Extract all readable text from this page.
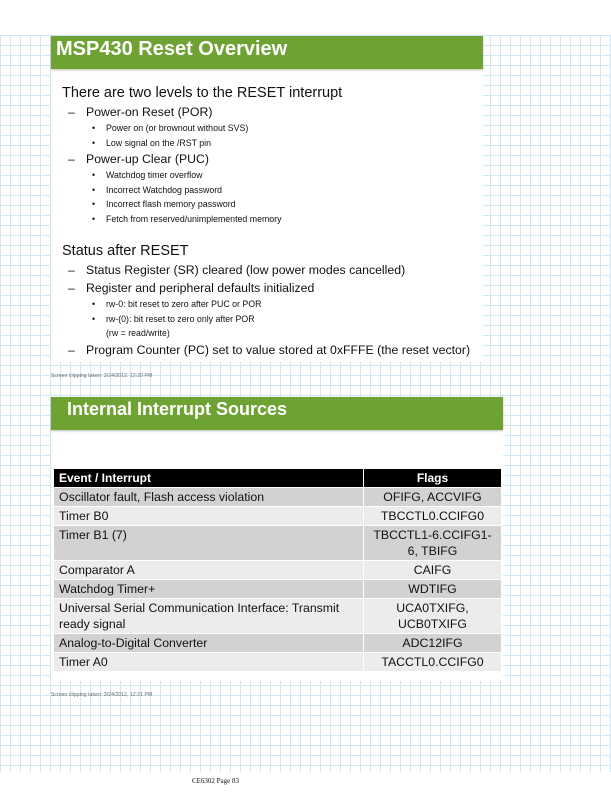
MSP430 Reset Overview
There are two levels to the RESET interrupt
– Power-on Reset (POR)
• Power on (or brownout without SVS)
• Low signal on the /RST pin
– Power-up Clear (PUC)
• Watchdog timer overflow
• Incorrect Watchdog password
• Incorrect flash memory password
• Fetch from reserved/unimplemented memory
Status after RESET
– Status Register (SR) cleared (low power modes cancelled)
– Register and peripheral defaults initialized
• rw-0: bit reset to zero after PUC or POR
• rw-(0): bit reset to zero only after POR
(rw = read/write)
– Program Counter (PC) set to value stored at 0xFFFE (the reset vector)
Screen clipping taken: 3/24/2012, 12:20 PM
Internal Interrupt Sources
Event / Interrupt	Flags
Oscillator fault, Flash access violation	OFIFG, ACCVIFG
Timer B0	TBCCTL0.CCIFG0
Timer B1 (7)	TBCCTL1-6.CCIFG1-6, TBIFG
Comparator A	CAIFG
Watchdog Timer+	WDTIFG
Universal Serial Communication Interface: Transmit ready signal	UCA0TXIFG, UCB0TXIFG
Analog-to-Digital Converter	ADC12IFG
Timer A0	TACCTL0.CCIFG0
Screen clipping taken: 3/24/2012, 12:21 PM
CE6302 Page 83
